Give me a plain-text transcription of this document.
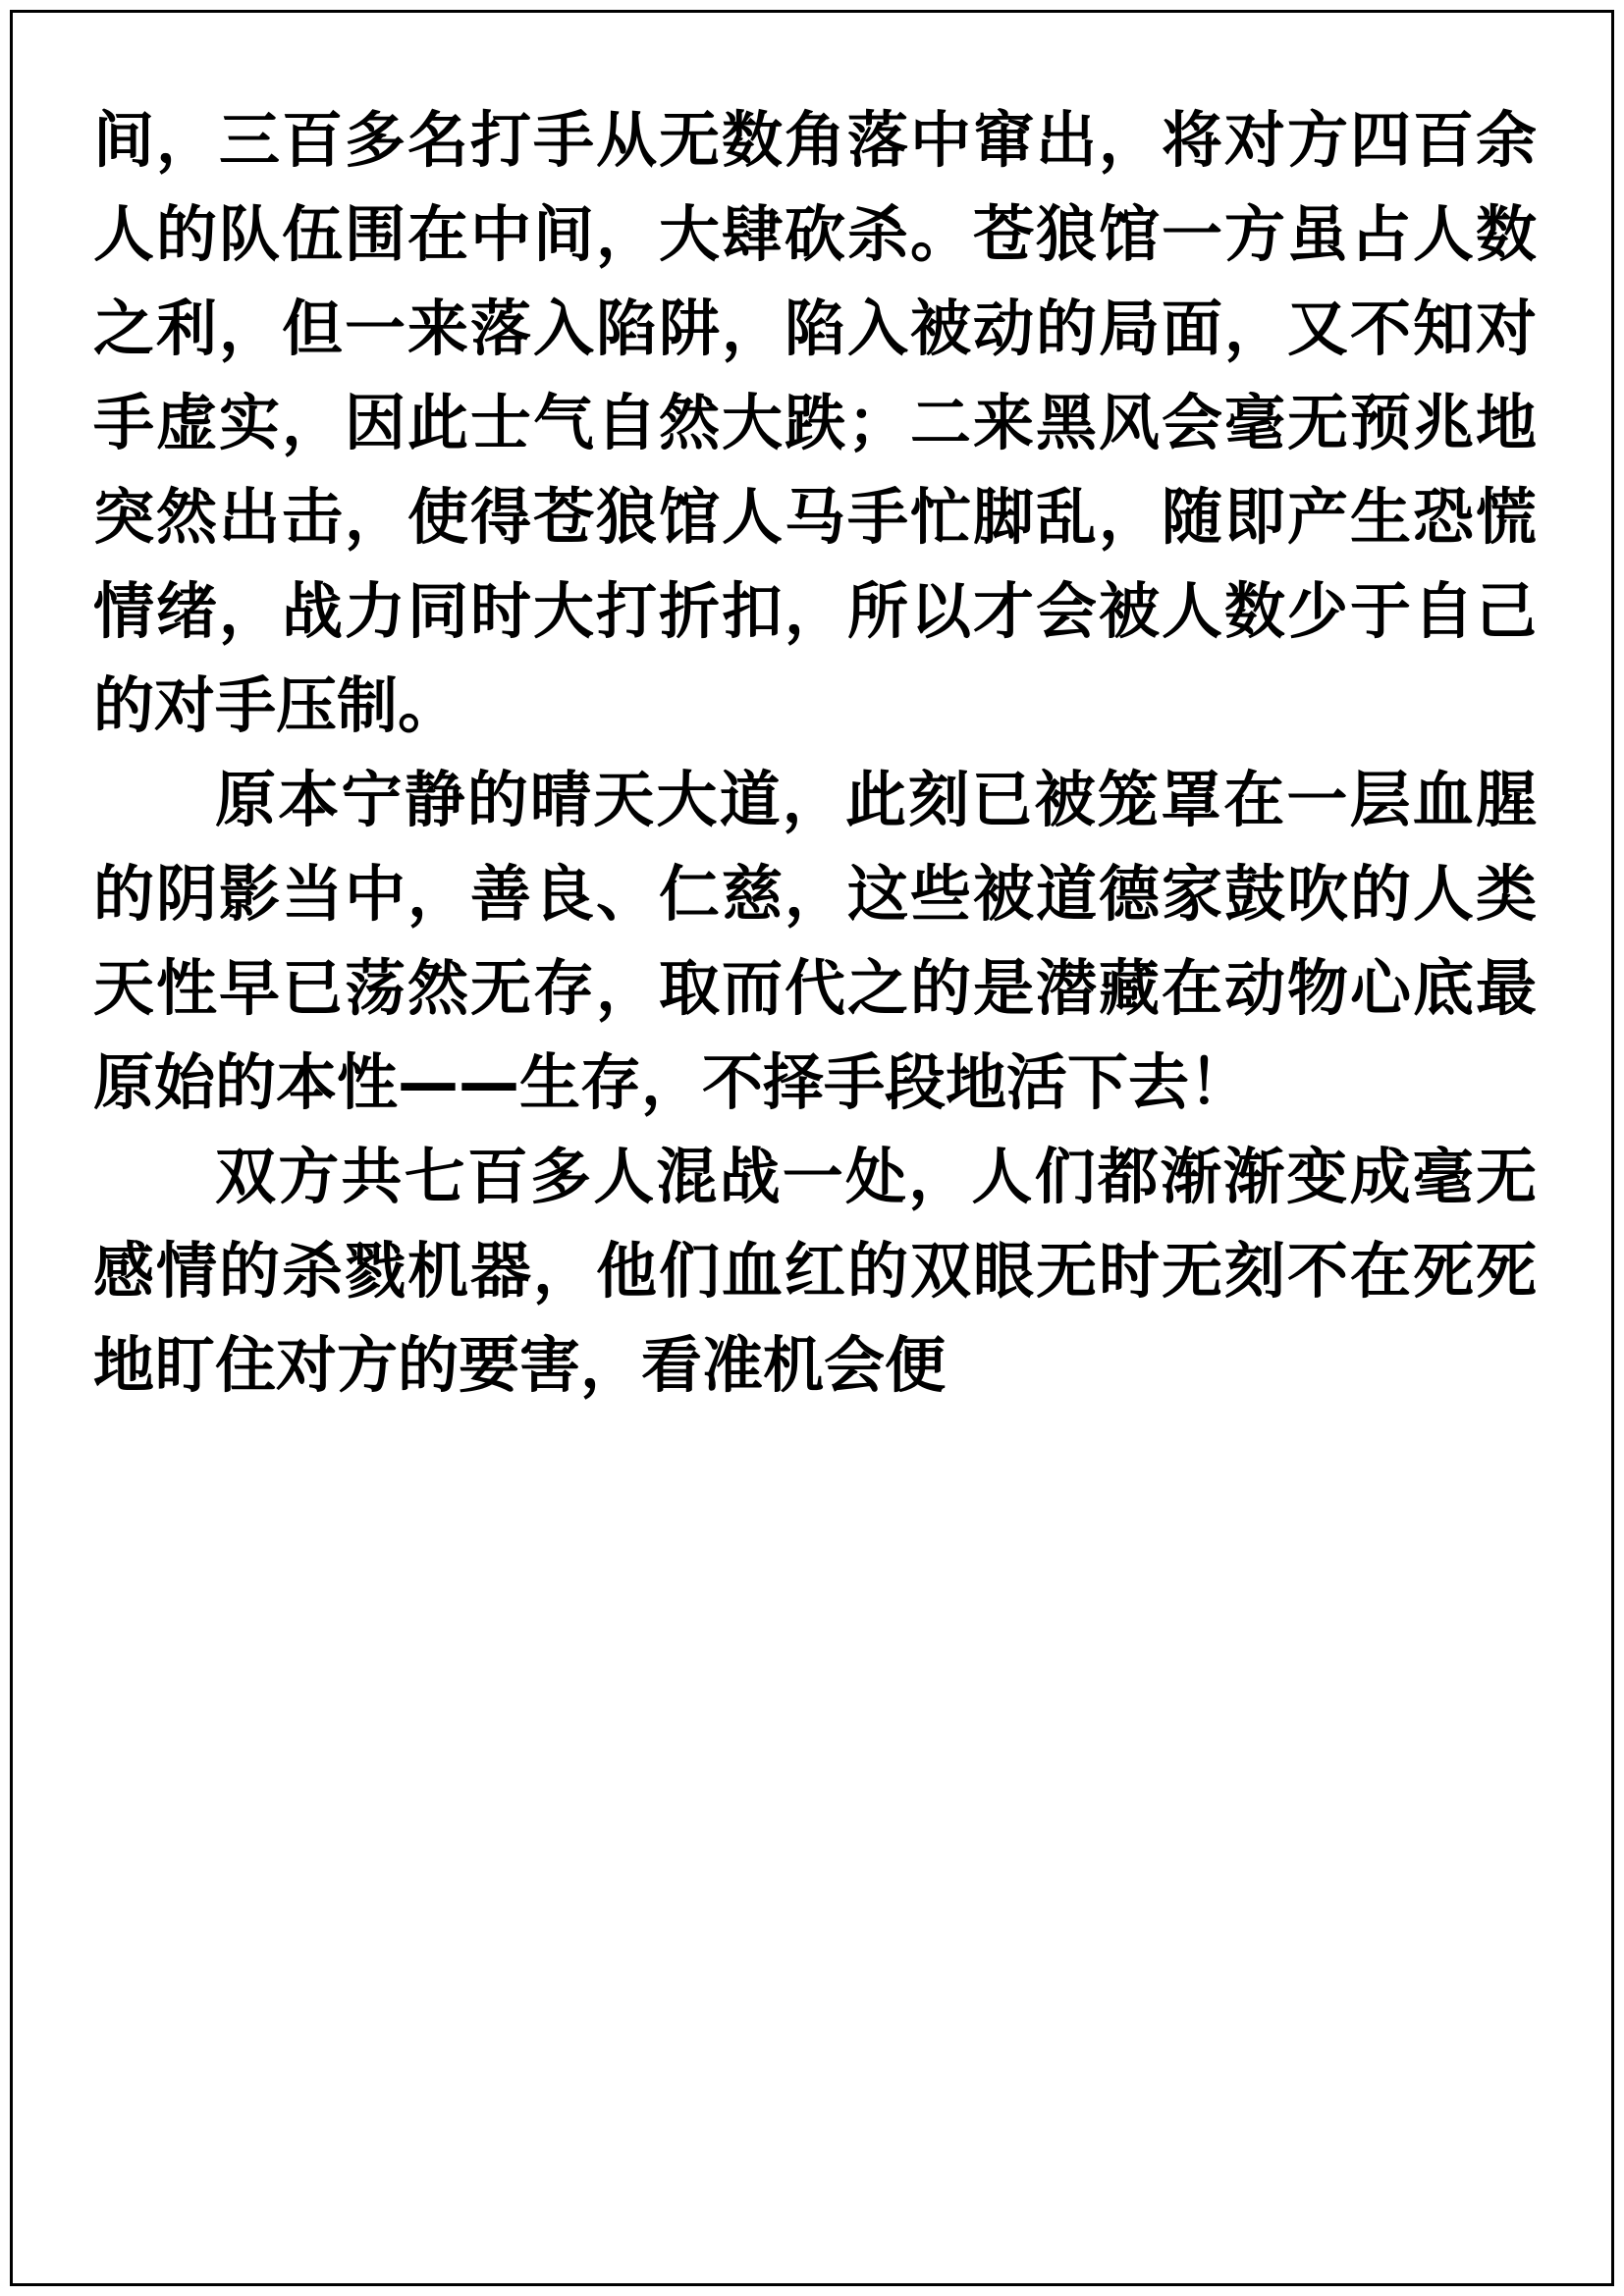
间，三百多名打手从无数角落中窜出，将对方四百余人的队伍围在中间，大肆砍杀。苍狼馆一方虽占人数之利，但一来落入陷阱，陷入被动的局面，又不知对手虚实，因此士气自然大跌；二来黑风会毫无预兆地突然出击，使得苍狼馆人马手忙脚乱，随即产生恐慌情绪，战力同时大打折扣，所以才会被人数少于自己的对手压制。

原本宁静的晴天大道，此刻已被笼罩在一层血腥的阴影当中，善良、仁慈，这些被道德家鼓吹的人类天性早已荡然无存，取而代之的是潜藏在动物心底最原始的本性——生存，不择手段地活下去！

双方共七百多人混战一处，人们都渐渐变成毫无感情的杀戮机器，他们血红的双眼无时无刻不在死死地盯住对方的要害，看准机会便
